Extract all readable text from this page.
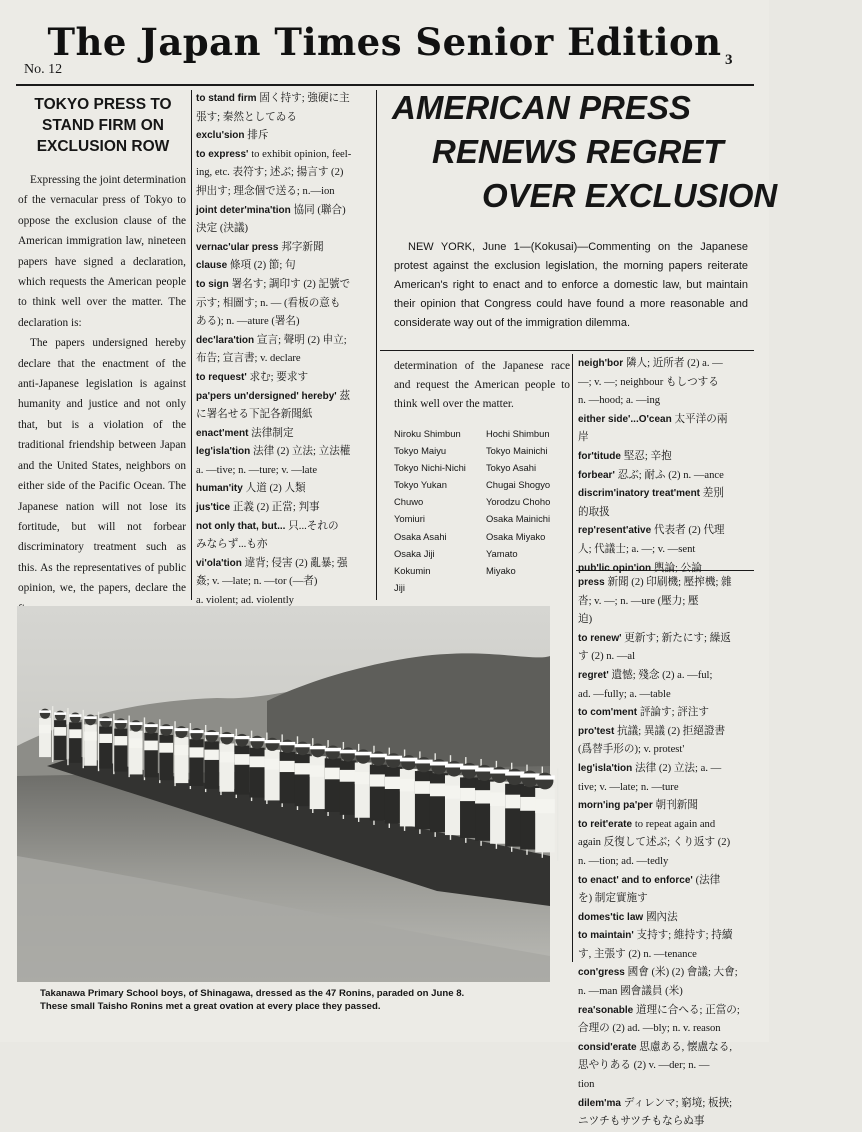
The Japan Times Senior Edition
No. 12
3
TOKYO PRESS TO
STAND FIRM ON
EXCLUSION ROW

Expressing the joint determination of the vernacular press of Tokyo to oppose the exclusion clause of the American immigration law, nineteen papers have signed a declaration, which requests the American people to think well over the matter. The declaration is:

The papers undersigned hereby declare that the enactment of the anti-Japanese legislation is against humanity and justice and not only that, but is a violation of the traditional friendship between Japan and the United States, neighbors on either side of the Pacific Ocean. The Japanese nation will not lose its fortitude, but will not forbear discriminatory treatment such as this. As the representatives of public opinion, we, the papers, declare the

to stand firm 固く持す; 強硬に主
張す; 秦然としてゐる
exclu'sion 排斥
to express' to exhibit opinion, feel-
ing, etc. 表符す; 述ぶ; 揚言す (2)
押出す; 理念個で送る; n.—ion
joint deter'mina'tion 協同 (聯合)
決定 (決議)
vernac'ular press 邦字新聞
clause 條項 (2) 節; 句
to sign 署名す; 調印す (2) 記號で
示す; 相圖す; n. — (看板の意も
ある); n. —ature (署名)
dec'lara'tion 宣言; 聲明 (2) 申立;
布告; 宣言書; v. declare
to request' 求む; 要求す
pa'pers un'dersigned' hereby' 茲
に署名せる下記各新聞紙
enact'ment 法律制定
leg'isla'tion 法律 (2) 立法; 立法權
a. —tive; n. —ture; v. —late
human'ity 人道 (2) 人類
jus'tice 正義 (2) 正當; 判事
not only that, but... 只...それの
みならず...も亦
vi'ola'tion 違背; 侵害 (2) 亂暴; 强
姦; v. —late; n. —tor (—者)
a. violent; ad. violently
AMERICAN PRESS
RENEWS REGRET
OVER EXCLUSION
NEW YORK, June 1—(Kokusai)—Commenting on the Japanese protest against the exclusion legislation, the morning papers reiterate American's right to enact and to enforce a domestic law, but maintain their opinion that Congress could have found a more reasonable and considerate way out of the immigration dilemma.
determination of the Japanese race and request the American people to think well over the matter.
Niroku Shimbun	Hochi Shimbun
Tokyo Maiyu	Tokyo Mainichi
Tokyo Nichi-Nichi	Tokyo Asahi
Tokyo Yukan	Chugai Shogyo
Chuwo	Yorodzu Choho
Yomiuri	Osaka Mainichi
Osaka Asahi	Osaka Miyako
Osaka Jiji	Yamato
Kokumin	Miyako
Jiji
neigh'bor 隣人; 近所者 (2) a. —
—; v. —; neighbour もしつする
n. —hood; a. —ing
either side'...O'cean 太平洋の兩
岸
for'titude 堅忍; 辛抱
forbear' 忍ぶ; 耐ふ (2) n. —ance
discrim'inatory treat'ment 差別
的取扱
rep'resent'ative 代表者 (2) 代理
人; 代議士; a. —; v. —sent
pub'lic opin'ion 輿論; 公論
press 新聞 (2) 印刷機; 壓搾機; 雜
沓; v. —; n. —ure (壓力; 壓
迫)
to renew' 更新す; 新たにす; 繰返
す (2) n. —al
regret' 遺憾; 殘念 (2) a. —ful;
ad. —fully; a. —table
to com'ment 評論す; 評注す
pro'test 抗議; 異議 (2) 拒絕證書
(爲替手形の); v. protest'
leg'isla'tion 法律 (2) 立法; a. —
tive; v. —late; n. —ture
morn'ing pa'per 朝刊新聞
to reit'erate to repeat again and
again 反復して述ぶ; くり返す (2)
n. —tion; ad. —tedly
to enact' and to enforce' (法律
を) 制定實施す
domes'tic law 國內法
to maintain' 支持す; 維持す; 持續
す, 主張す (2) n. —tenance
con'gress 國會 (米) (2) 會議; 大會;
n. —man 國會議員 (米)
rea'sonable 道理に合へる; 正當の;
合理の (2) ad. —bly; n. v. reason
consid'erate 思慮ある, 懐盧なる,
思やりある (2) v. —der; n. —
tion
dilem'ma ディレンマ; 窮境; 板挾;
ニツチもサツチもならぬ事
Takanawa Primary School boys, of Shinagawa, dressed as the 47 Ronins, paraded on June 8.
These small Taisho Ronins met a great ovation at every place they passed.
